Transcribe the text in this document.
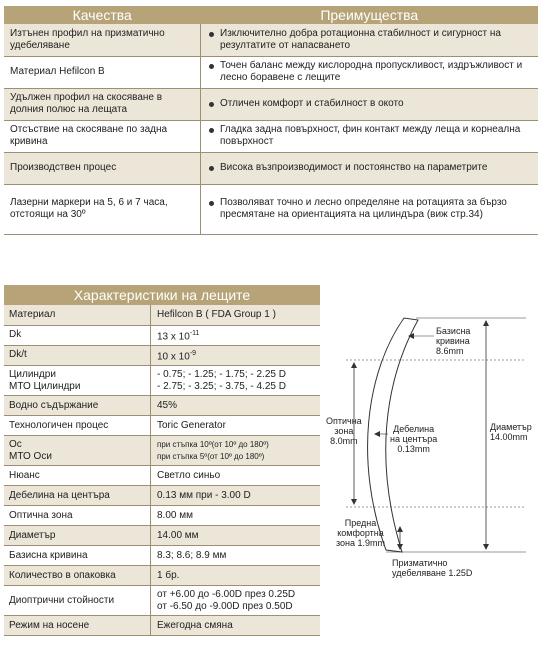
Качества	Преимущества
Изтънен профил на призматично удебеляване	Изключително добра ротационна стабилност и сигурност на резултатите от напасването

Материал Hefilcon B	Точен баланс между кислородна пропускливост, издръжливост и лесно боравене с лещите

Удължен профил на скосяване в долния полюс на лещата	Отличен комфорт и стабилност в окото

Отсъствие на скосяване по задна кривина	Гладка задна повърхност, фин контакт между леща и корнеална повърхност

Производствен процес	Висока възпроизводимост и постоянство на параметрите

Лазерни маркери на 5, 6 и 7 часа, отстоящи на 30º	Позволяват точно и лесно определяне на ротацията за бързо пресмятане на ориентацията на цилиндъра (виж стр.34)
Характеристики на лещите	
Материал	Hefilcon B ( FDA Group 1 )
Dk	13 x $10^{-11}$
Dk/t	10 x $10^{-9}$
Цилиндри
МТО Цилиндри	- 0.75; - 1.25; - 1.75; - 2.25 D
- 2.75; - 3.25; - 3.75, - 4.25 D
Водно съдържание	45%
Технологичен процес	Toric Generator
Ос
МТО Оси	при стъпка 10º(от 10º до 180º)
при стъпка 5º(от 10º до 180º)
Нюанс	Светло синьо
Дебелина на центъра	0.13 мм при - 3.00 D
Оптична зона	8.00 мм
Диаметър	14.00 мм
Базисна кривина	8.3; 8.6; 8.9 мм
Количество в опаковка	1 бр.
Диоптрични стойности	от +6.00 до -6.00D през 0.25D
от -6.50 до -9.00D през 0.50D
Режим на носене	Ежегодна смяна
Базисна
кривина
8.6mm
Оптична
зона
8.0mm
Дебелина
на центъра
0.13mm
Диаметър
14.00mm
Предна
комфортна
зона 1.9mm
Призматично
удебеляване 1.25D
